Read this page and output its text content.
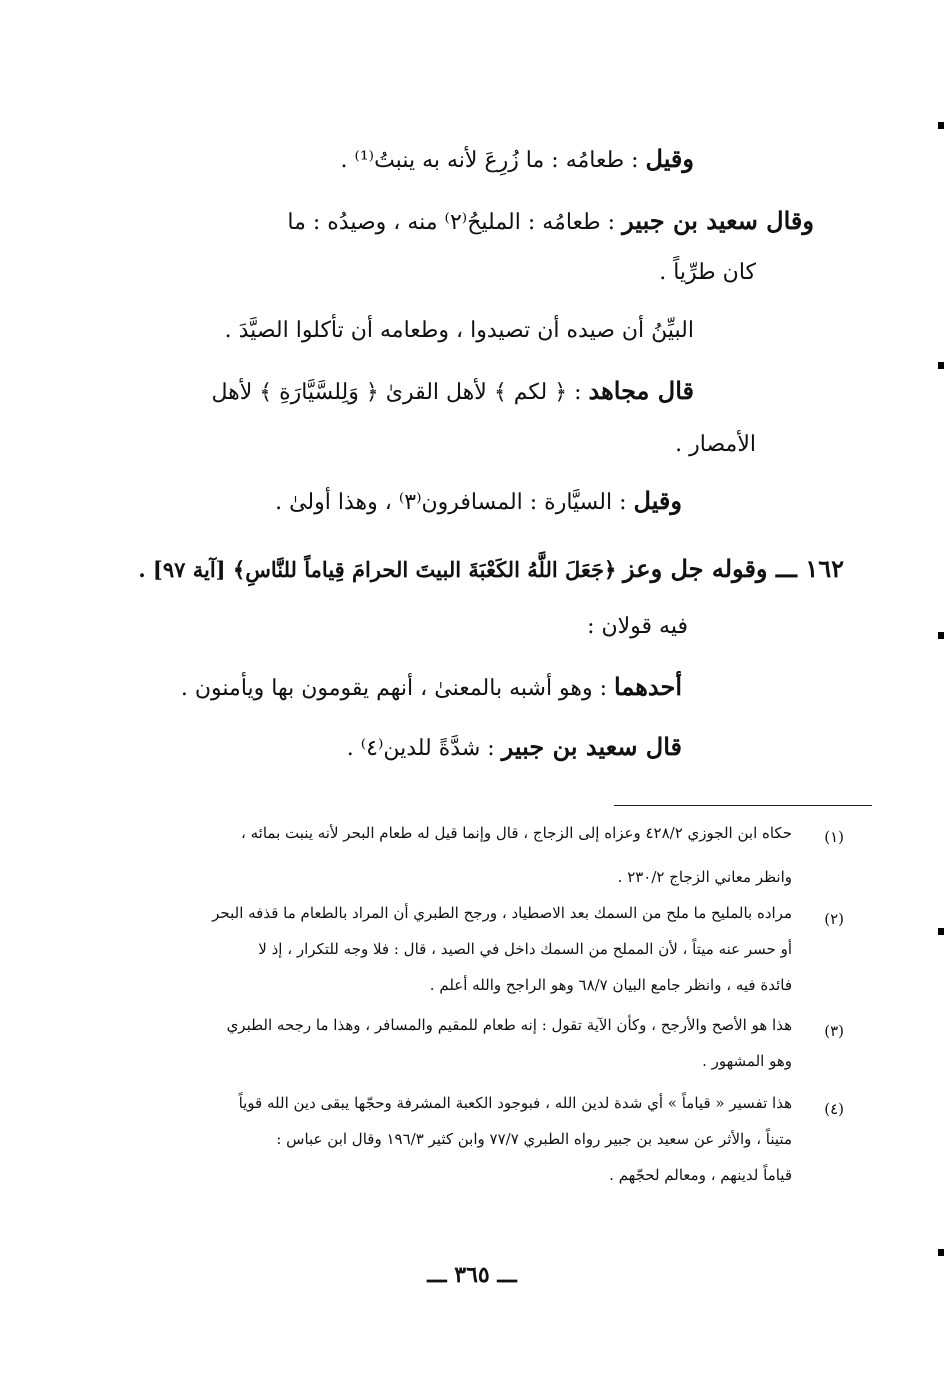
وقيل : طعامُه : ما زُرِعَ لأنه به ينبتُ⁽¹⁾ .
وقال سعيد بن جبير : طعامُه : المليحُ⁽٢⁾ منه ، وصيدُه : ما
كان طرِّياً .
البيِّنُ أن صيده أن تصيدوا ، وطعامه أن تأكلوا الصيَّدَ .
قال مجاهد : ﴿ لكم ﴾ لأهل القرىٰ ﴿ وَلِلسَّيَّارَةِ ﴾ لأهل
الأمصار .
وقيل : السيَّارة : المسافرون⁽٣⁾ ، وهذا أولىٰ .
١٦٢ ـــ وقوله جل وعز ﴿جَعَلَ اللَّهُ الكَعْبَةَ البيتَ الحرامَ قِياماً للنَّاسِ﴾ [آية ٩٧] .
فيه قولان :
أحدهما : وهو أشبه بالمعنىٰ ، أنهم يقومون بها ويأمنون .
قال سعيد بن جبير : شدَّةً للدين⁽٤⁾ .
(١)
حكاه ابن الجوزي ٤٢٨/٢ وعزاه إلى الزجاج ، قال وإنما قيل له طعام البحر لأنه ينبت بمائه ،
وانظر معاني الزجاج ٢٣٠/٢ .
(٢)
مراده بالمليح ما ملح من السمك بعد الاصطياد ، ورجح الطبري أن المراد بالطعام ما قذفه البحر
أو حسر عنه ميتاً ، لأن المملح من السمك داخل في الصيد ، قال : فلا وجه للتكرار ، إذ لا
فائدة فيه ، وانظر جامع البيان ٦٨/٧ وهو الراجح والله أعلم .
(٣)
هذا هو الأصح والأرجح ، وكأن الآية تقول : إنه طعام للمقيم والمسافر ، وهذا ما رجحه الطبري
وهو المشهور .
(٤)
هذا تفسير « قياماً » أي شدة لدين الله ، فبوجود الكعبة المشرفة وحجّها يبقى دين الله قوياً
متيناً ، والأثر عن سعيد بن جبير رواه الطبري ٧٧/٧ وابن كثير ١٩٦/٣ وقال ابن عباس :
قياماً لدينهم ، ومعالم لحجّهم .
ـــ ٣٦٥ ـــ
